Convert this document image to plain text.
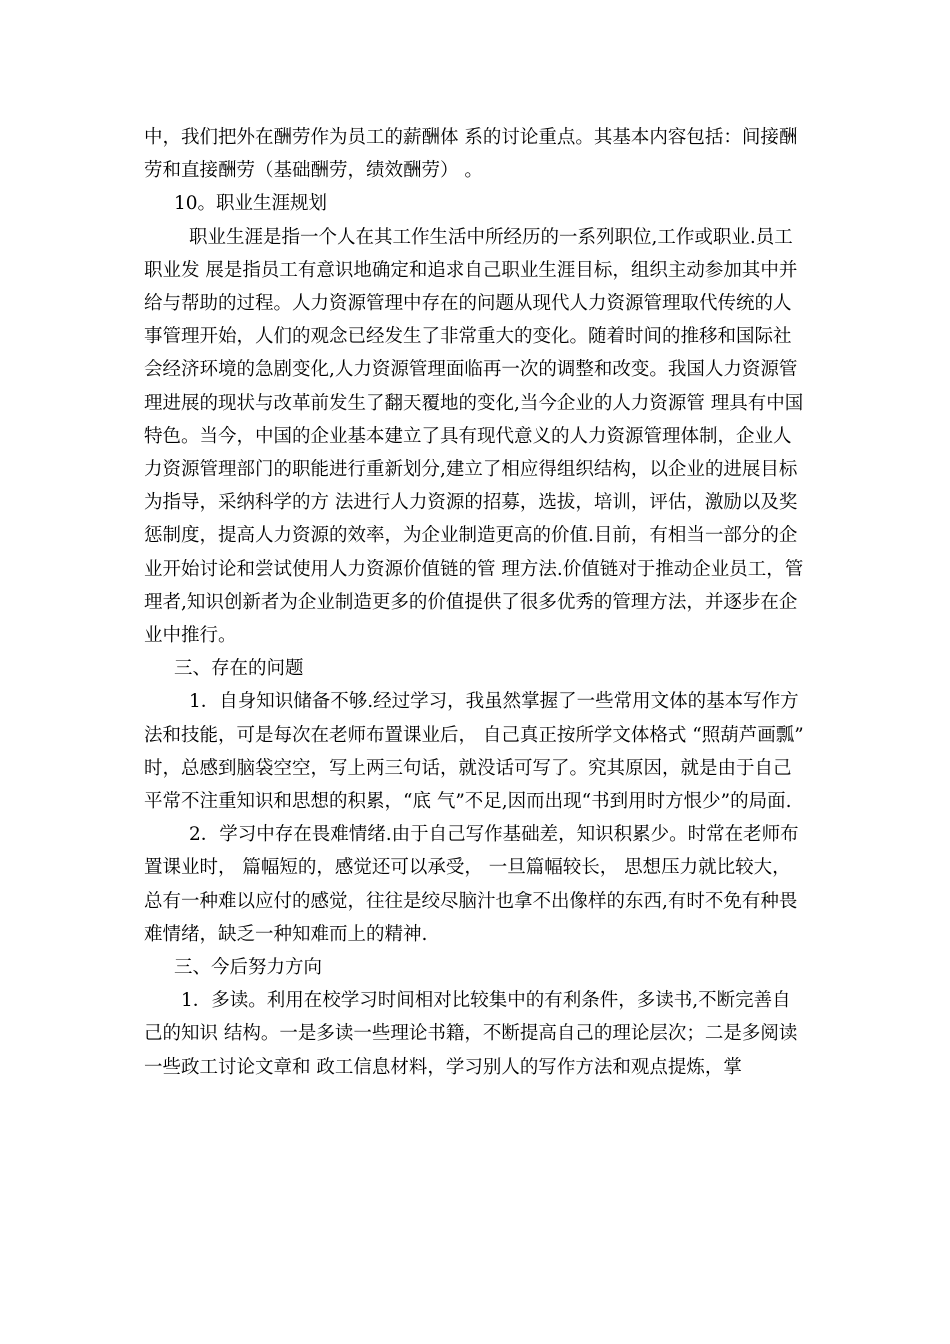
中，我们把外在酬劳作为员工的薪酬体 系的讨论重点。其基本内容包括：间接酬劳和直接酬劳（基础酬劳，绩效酬劳） 。

10。职业生涯规划

职业生涯是指一个人在其工作生活中所经历的一系列职位,工作或职业.员工职业发 展是指员工有意识地确定和追求自己职业生涯目标，组织主动参加其中并给与帮助的过程。人力资源管理中存在的问题从现代人力资源管理取代传统的人事管理开始，人们的观念已经发生了非常重大的变化。随着时间的推移和国际社会经济环境的急剧变化,人力资源管理面临再一次的调整和改变。我国人力资源管理进展的现状与改革前发生了翻天覆地的变化,当今企业的人力资源管 理具有中国特色。当今，中国的企业基本建立了具有现代意义的人力资源管理体制，企业人力资源管理部门的职能进行重新划分,建立了相应得组织结构，以企业的进展目标为指导，采纳科学的方 法进行人力资源的招募，选拔，培训，评估，激励以及奖惩制度，提高人力资源的效率，为企业制造更高的价值.目前，有相当一部分的企业开始讨论和尝试使用人力资源价值链的管 理方法.价值链对于推动企业员工，管理者,知识创新者为企业制造更多的价值提供了很多优秀的管理方法，并逐步在企业中推行。

三、存在的问题

1．自身知识储备不够.经过学习，我虽然掌握了一些常用文体的基本写作方法和技能，可是每次在老师布置课业后， 自己真正按所学文体格式 “照葫芦画瓢” 时，总感到脑袋空空，写上两三句话，就没话可写了。究其原因，就是由于自己平常不注重知识和思想的积累，“底 气”不足,因而出现“书到用时方恨少”的局面.

2．学习中存在畏难情绪.由于自己写作基础差，知识积累少。时常在老师布置课业时， 篇幅短的，感觉还可以承受， 一旦篇幅较长， 思想压力就比较大， 总有一种难以应付的感觉，往往是绞尽脑汁也拿不出像样的东西,有时不免有种畏难情绪，缺乏一种知难而上的精神.

三、今后努力方向

1．多读。利用在校学习时间相对比较集中的有利条件，多读书,不断完善自己的知识 结构。一是多读一些理论书籍，不断提高自己的理论层次；二是多阅读一些政工讨论文章和 政工信息材料，学习别人的写作方法和观点提炼，掌
